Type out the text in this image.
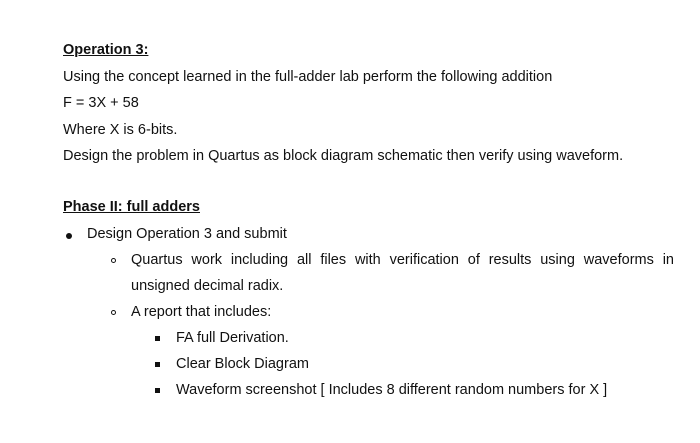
Operation 3:
Using the concept learned in the full-adder lab perform the following addition
F = 3X + 58
Where X is 6-bits.
Design the problem in Quartus as block diagram schematic then verify using waveform.
Phase II: full adders
Design Operation 3 and submit
Quartus work including all files with verification of results using waveforms in
unsigned decimal radix.
A report that includes:
FA full Derivation.
Clear Block Diagram
Waveform screenshot [ Includes 8 different random numbers for X ]
